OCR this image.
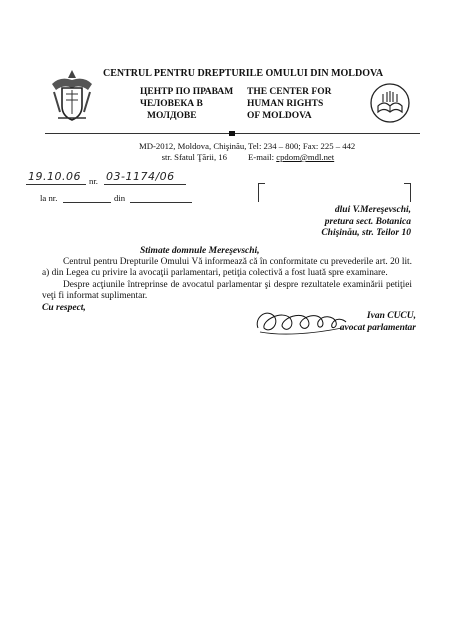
CENTRUL PENTRU DREPTURILE OMULUI DIN MOLDOVA
ЦЕНТР ПО ПРАВАМ
ЧЕЛОВЕКА В
МОЛДОВЕ
THE CENTER FOR
HUMAN RIGHTS
OF MOLDOVA
MD-2012, Moldova, Chişinău,
str. Sfatul Ţării, 16
Tel: 234 – 800; Fax: 225 – 442
E-mail: cpdom@mdl.net
19.10.06 nr. 03-1174/06
la nr.	din
dlui V.Mereşevschi,
pretura sect. Botanica
Chişinău, str. Teilor 10
Stimate domnule Mereşevschi,
Centrul pentru Drepturile Omului Vă informează că în conformitate cu prevederile art. 20 lit. a) din Legea cu privire la avocaţii parlamentari, petiţia colectivă a fost luată spre examinare.
Despre acţiunile întreprinse de avocatul parlamentar şi despre rezultatele examinării petiţiei veţi fi informat suplimentar.
Cu respect,
Ivan CUCU,
avocat parlamentar
